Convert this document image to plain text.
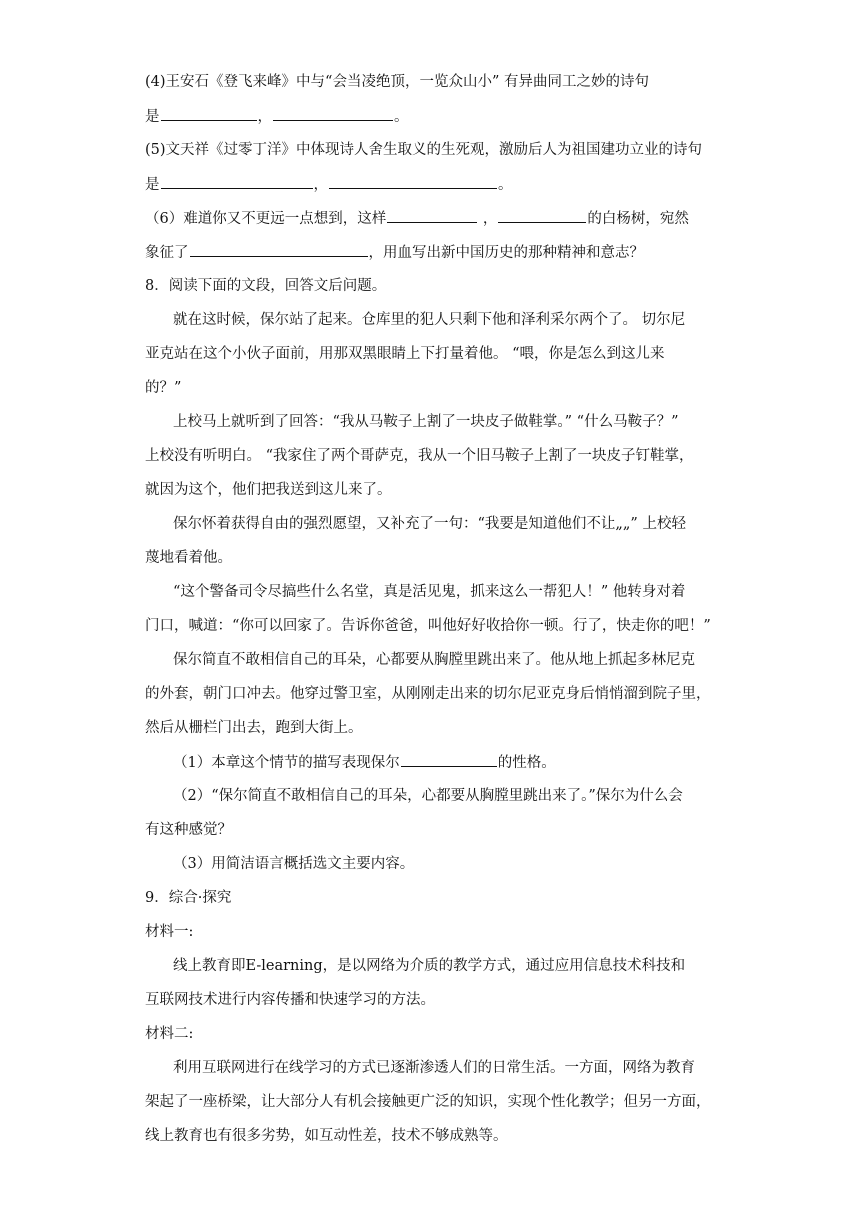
(4)王安石《登飞来峰》中与“会当凌绝顶，一览众山小” 有异曲同工之妙的诗句
是	，	。
(5)文天祥《过零丁洋》中体现诗人舍生取义的生死观，激励后人为祖国建功立业的诗句
是	，	。
（6）难道你又不更远一点想到，这样	，	的白杨树，宛然
象征了	，用血写出新中国历史的那种精神和意志？
8．阅读下面的文段，回答文后问题。
就在这时候，保尔站了起来。仓库里的犯人只剩下他和泽利采尔两个了。 切尔尼
亚克站在这个小伙子面前，用那双黑眼睛上下打量着他。 “喂，你是怎么到这儿来
的？”
上校马上就听到了回答：“我从马鞍子上割了一块皮子做鞋掌。” “什么马鞍子？”
上校没有听明白。 “我家住了两个哥萨克，我从一个旧马鞍子上割了一块皮子钉鞋掌，
就因为这个，他们把我送到这儿来了。
保尔怀着获得自由的强烈愿望，又补充了一句：“我要是知道他们不让„„” 上校轻
蔑地看着他。
“这个警备司令尽搞些什么名堂，真是活见鬼，抓来这么一帮犯人！” 他转身对着
门口，喊道：“你可以回家了。告诉你爸爸，叫他好好收拾你一顿。行了，快走你的吧！”
保尔简直不敢相信自己的耳朵，心都要从胸膛里跳出来了。他从地上抓起多林尼克
的外套，朝门口冲去。他穿过警卫室，从刚刚走出来的切尔尼亚克身后悄悄溜到院子里，
然后从栅栏门出去，跑到大街上。
（1）本章这个情节的描写表现保尔	的性格。
（2）“保尔简直不敢相信自己的耳朵，心都要从胸膛里跳出来了。”保尔为什么会
有这种感觉？
（3）用简洁语言概括选文主要内容。
9．综合·探究
材料一:
线上教育即E-learning，是以网络为介质的教学方式，通过应用信息技术科技和
互联网技术进行内容传播和快速学习的方法。
材料二:
利用互联网进行在线学习的方式已逐渐渗透人们的日常生活。一方面，网络为教育
架起了一座桥梁，让大部分人有机会接触更广泛的知识，实现个性化教学；但另一方面，
线上教育也有很多劣势，如互动性差，技术不够成熟等。
